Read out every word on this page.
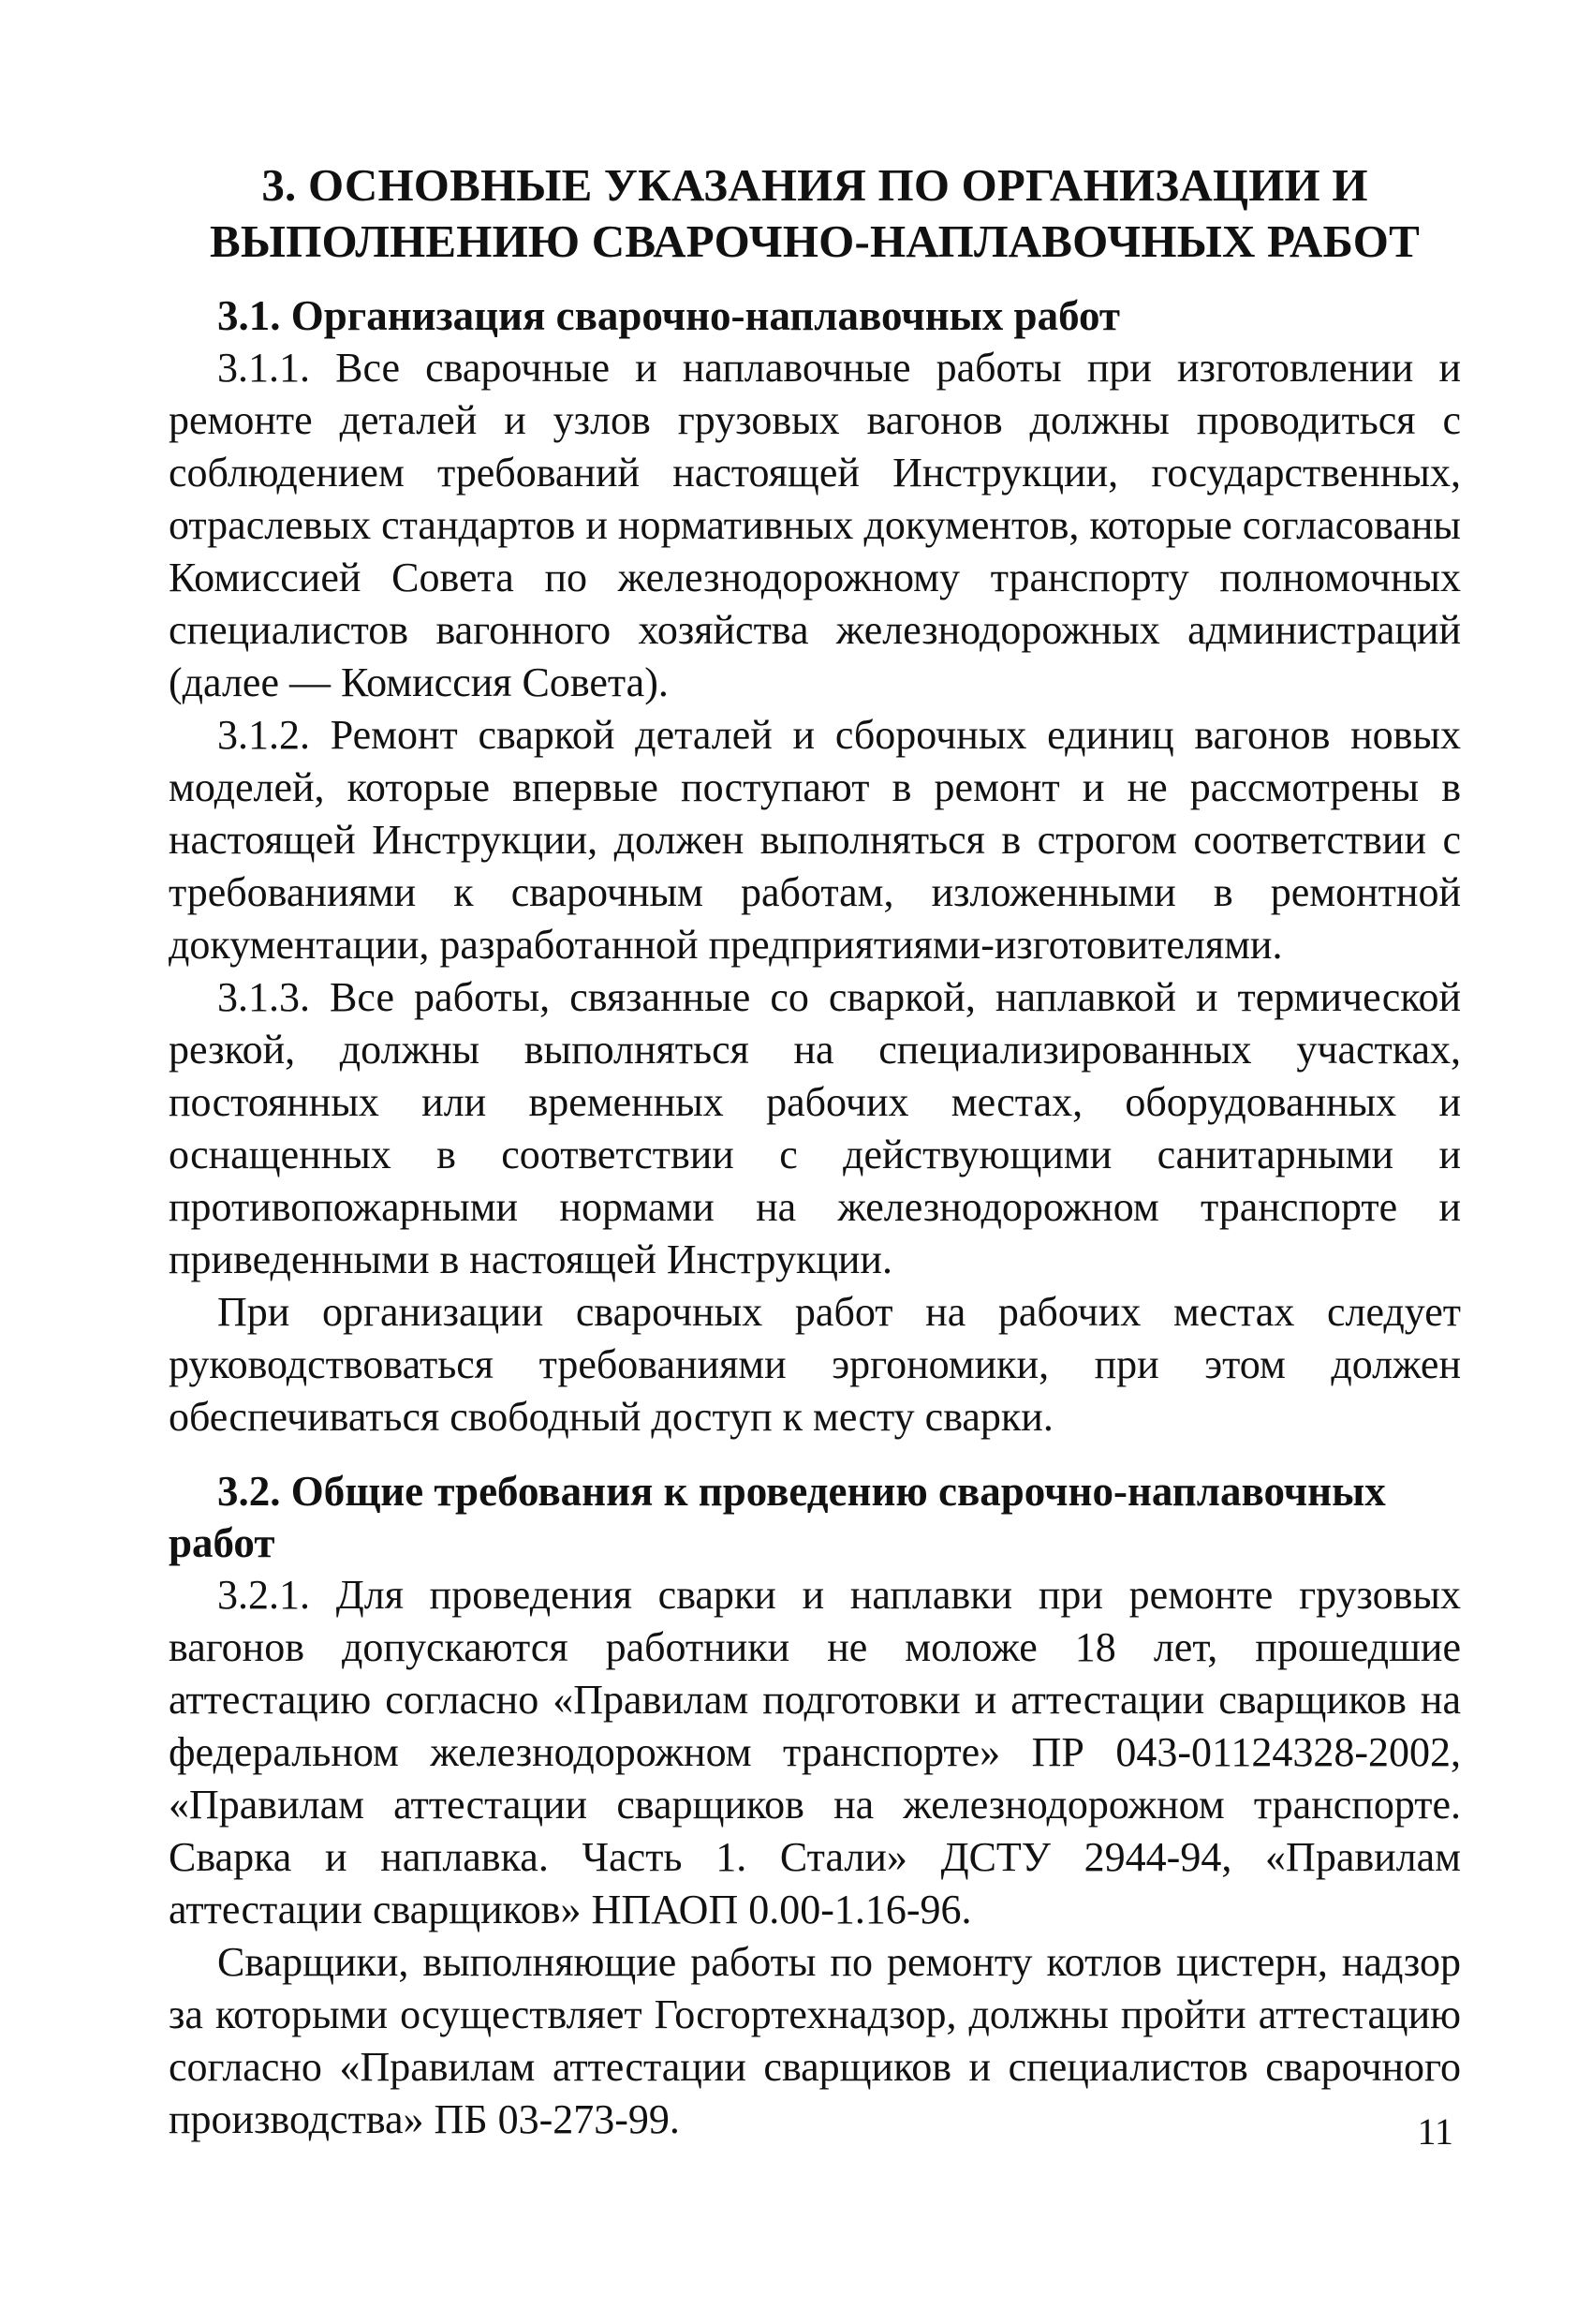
3. ОСНОВНЫЕ УКАЗАНИЯ ПО ОРГАНИЗАЦИИ И
ВЫПОЛНЕНИЮ СВАРОЧНО-НАПЛАВОЧНЫХ РАБОТ
3.1. Организация сварочно-наплавочных работ

3.1.1. Все сварочные и наплавочные работы при изготовлении и ремонте деталей и узлов грузовых вагонов должны проводиться с соблюдением требований настоящей Инструкции, государственных, отраслевых стандартов и нормативных документов, которые согласованы Комиссией Совета по железнодорожному транспорту полномочных специалистов вагонного хозяйства железнодорожных администраций (далее — Комиссия Совета).

3.1.2. Ремонт сваркой деталей и сборочных единиц вагонов новых моделей, которые впервые поступают в ремонт и не рассмотрены в настоящей Инструкции, должен выполняться в строгом соответствии с требованиями к сварочным работам, изложенными в ремонтной документации, разработанной предприятиями-изготовителями.

3.1.3. Все работы, связанные со сваркой, наплавкой и термической резкой, должны выполняться на специализированных участках, постоянных или временных рабочих местах, оборудованных и оснащенных в соответствии с действующими санитарными и противопожарными нормами на железнодорожном транспорте и приведенными в настоящей Инструкции.

При организации сварочных работ на рабочих местах следует руководствоваться требованиями эргономики, при этом должен обеспечиваться свободный доступ к месту сварки.

3.2. Общие требования к проведению сварочно-наплавочных работ

3.2.1. Для проведения сварки и наплавки при ремонте грузовых вагонов допускаются работники не моложе 18 лет, прошедшие аттестацию согласно «Правилам подготовки и аттестации сварщиков на федеральном железнодорожном транспорте» ПР 043-01124328-2002, «Правилам аттестации сварщиков на железнодорожном транспорте. Сварка и наплавка. Часть 1. Стали» ДСТУ 2944-94, «Правилам аттестации сварщиков» НПАОП 0.00-1.16-96.

Сварщики, выполняющие работы по ремонту котлов цистерн, надзор за которыми осуществляет Госгортехнадзор, должны пройти аттестацию согласно «Правилам аттестации сварщиков и специалистов сварочного производства» ПБ 03-273-99.	11
